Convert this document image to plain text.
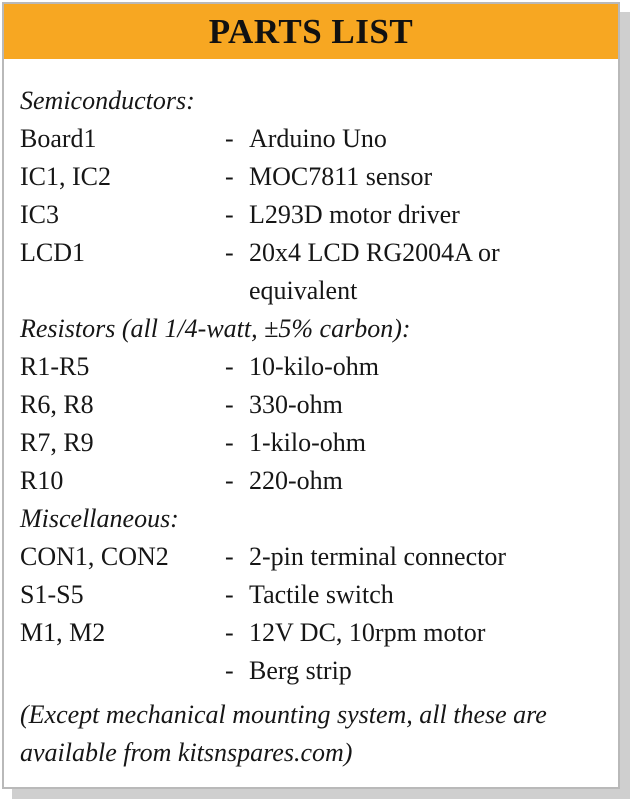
PARTS LIST
Semiconductors:
Board1	- Arduino Uno
IC1, IC2	- MOC7811 sensor
IC3	- L293D motor driver
LCD1	- 20x4 LCD RG2004A or equivalent
Resistors (all 1/4-watt, ±5% carbon):
R1-R5	- 10-kilo-ohm
R6, R8	- 330-ohm
R7, R9	- 1-kilo-ohm
R10	- 220-ohm
Miscellaneous:
CON1, CON2	- 2-pin terminal connector
S1-S5	- Tactile switch
M1, M2	- 12V DC, 10rpm motor
- Berg strip
(Except mechanical mounting system, all these are available from kitsnspares.com)
